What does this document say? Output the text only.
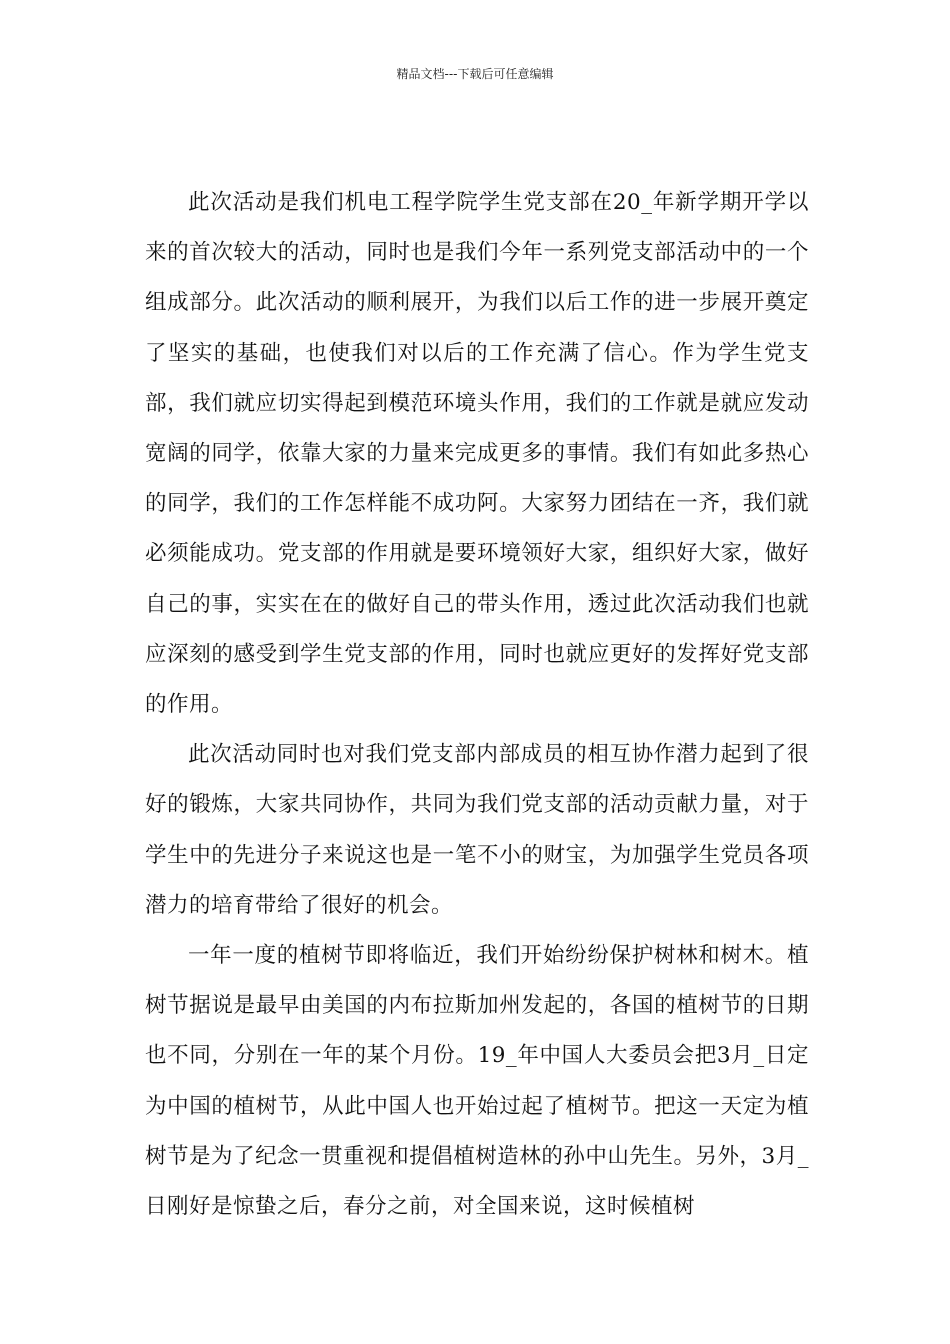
精品文档---下载后可任意编辑

此次活动是我们机电工程学院学生党支部在20_年新学期开学以来的首次较大的活动，同时也是我们今年一系列党支部活动中的一个组成部分。此次活动的顺利展开，为我们以后工作的进一步展开奠定了坚实的基础，也使我们对以后的工作充满了信心。作为学生党支部，我们就应切实得起到模范环境头作用，我们的工作就是就应发动宽阔的同学，依靠大家的力量来完成更多的事情。我们有如此多热心的同学，我们的工作怎样能不成功阿。大家努力团结在一齐，我们就必须能成功。党支部的作用就是要环境领好大家，组织好大家，做好自己的事，实实在在的做好自己的带头作用，透过此次活动我们也就应深刻的感受到学生党支部的作用，同时也就应更好的发挥好党支部的作用。

此次活动同时也对我们党支部内部成员的相互协作潜力起到了很好的锻炼，大家共同协作，共同为我们党支部的活动贡献力量，对于学生中的先进分子来说这也是一笔不小的财宝，为加强学生党员各项潜力的培育带给了很好的机会。

一年一度的植树节即将临近，我们开始纷纷保护树林和树木。植树节据说是最早由美国的内布拉斯加州发起的，各国的植树节的日期也不同，分别在一年的某个月份。19_年中国人大委员会把3月_日定为中国的植树节，从此中国人也开始过起了植树节。把这一天定为植树节是为了纪念一贯重视和提倡植树造林的孙中山先生。另外，3月_日刚好是惊蛰之后，春分之前，对全国来说，这时候植树
